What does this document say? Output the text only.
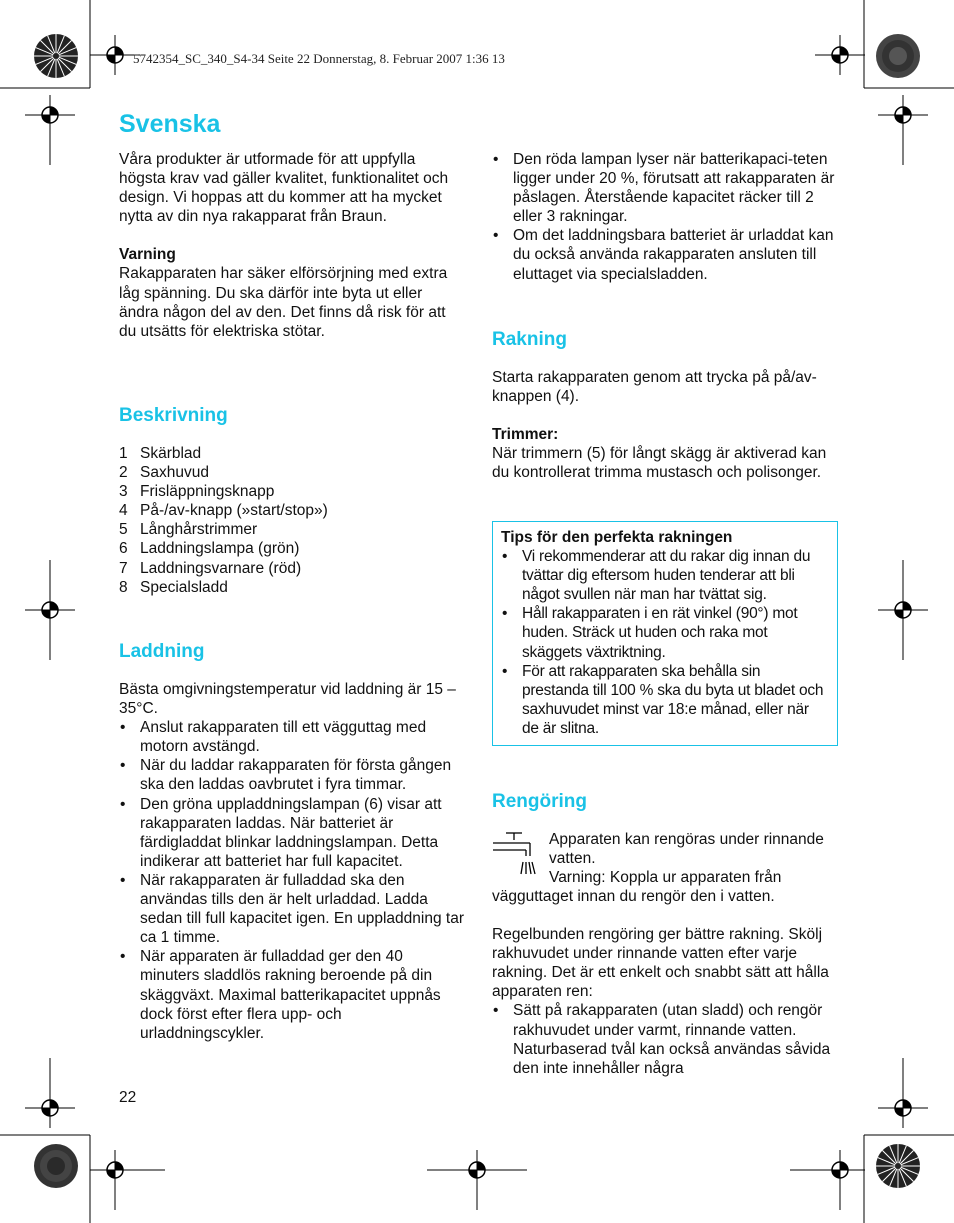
5742354_SC_340_S4-34 Seite 22 Donnerstag, 8. Februar 2007 1:36 13
Svenska

Våra produkter är utformade för att uppfylla högsta krav vad gäller kvalitet, funktionalitet och design. Vi hoppas att du kommer att ha mycket nytta av din nya rakapparat från Braun.

Varning

Rakapparaten har säker elförsörjning med extra låg spänning. Du ska därför inte byta ut eller ändra någon del av den. Det finns då risk för att du utsätts för elektriska stötar.

Beskrivning
1 Skärblad
2 Saxhuvud
3 Frisläppningsknapp
4 På-/av-knapp (»start/stop»)
5 Långhårstrimmer
6 Laddningslampa (grön)
7 Laddningsvarnare (röd)
8 Specialsladd
Laddning

Bästa omgivningstemperatur vid laddning är 15 – 35°C.

• Anslut rakapparaten till ett vägguttag med motorn avstängd.
• När du laddar rakapparaten för första gången ska den laddas oavbrutet i fyra timmar.
• Den gröna uppladdningslampan (6) visar att rakapparaten laddas. När batteriet är färdigladdat blinkar laddningslampan. Detta indikerar att batteriet har full kapacitet.
• När rakapparaten är fulladdad ska den användas tills den är helt urladdad. Ladda sedan till full kapacitet igen. En uppladdning tar ca 1 timme.
• När apparaten är fulladdad ger den 40 minuters sladdlös rakning beroende på din skäggväxt. Maximal batterikapacitet uppnås dock först efter flera upp- och urladdningscykler.
22
• Den röda lampan lyser när batterikapaci-teten ligger under 20 %, förutsatt att rakapparaten är påslagen. Återstående kapacitet räcker till 2 eller 3 rakningar.
• Om det laddningsbara batteriet är urladdat kan du också använda rakapparaten ansluten till eluttaget via specialsladden.
Rakning

Starta rakapparaten genom att trycka på på/av-knappen (4).

Trimmer:

När trimmern (5) för långt skägg är aktiverad kan du kontrollerat trimma mustasch och polisonger.

Tips för den perfekta rakningen

• Vi rekommenderar att du rakar dig innan du tvättar dig eftersom huden tenderar att bli något svullen när man har tvättat sig.
• Håll rakapparaten i en rät vinkel (90°) mot huden. Sträck ut huden och raka mot skäggets växtriktning.
• För att rakapparaten ska behålla sin prestanda till 100 % ska du byta ut bladet och saxhuvudet minst var 18:e månad, eller när de är slitna.
Rengöring

Apparaten kan rengöras under rinnande vatten.

Varning: Koppla ur apparaten från

vägguttaget innan du rengör den i vatten.

Regelbunden rengöring ger bättre rakning. Skölj rakhuvudet under rinnande vatten efter varje rakning. Det är ett enkelt och snabbt sätt att hålla apparaten ren:

• Sätt på rakapparaten (utan sladd) och rengör rakhuvudet under varmt, rinnande vatten. Naturbaserad tvål kan också användas såvida den inte innehåller några
